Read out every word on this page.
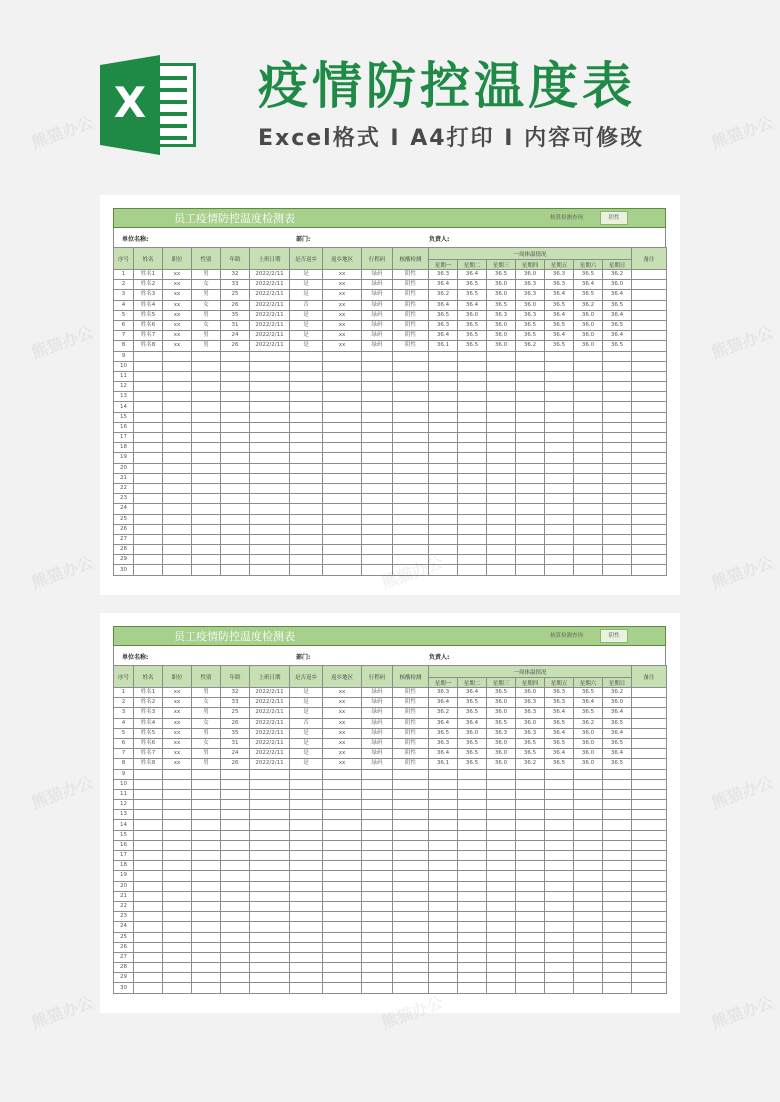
X 疫情防控温度表
Excel格式 I A4打印 I 内容可修改
员工疫情防控温度检测表	核算检测查询	阴性
单位名称:	部门:	负责人:
序号	姓名	职位	性别	年龄	上班日期	是否返乡	返乡地区	行程码	核酸检测	一周体温情况							备注
										星期一	星期二	星期三	星期四	星期五	星期六	星期日	
1	姓名1	xx	男	32	2022/2/11	是	xx	绿码	阴性	36.3	36.4	36.5	36.0	36.3	36.5	36.2	
2	姓名2	xx	女	33	2022/2/11	是	xx	绿码	阴性	36.4	36.5	36.0	36.3	36.3	36.4	36.0	
3	姓名3	xx	男	25	2022/2/11	是	xx	绿码	阴性	36.2	36.5	36.0	36.3	36.4	36.5	36.4	
4	姓名4	xx	女	26	2022/2/11	否	xx	绿码	阴性	36.4	36.4	36.5	36.0	36.5	36.2	36.5	
5	姓名5	xx	男	35	2022/2/11	是	xx	绿码	阴性	36.5	36.0	36.3	36.3	36.4	36.0	36.4	
6	姓名6	xx	女	31	2022/2/11	是	xx	绿码	阴性	36.3	36.5	36.0	36.5	36.5	36.0	36.5	
7	姓名7	xx	男	24	2022/2/11	是	xx	绿码	阴性	36.4	36.5	36.0	36.5	36.4	36.0	36.4	
8	姓名8	xx	男	26	2022/2/11	是	xx	绿码	阴性	36.1	36.5	36.0	36.2	36.5	36.0	36.5	
9																	
10																	
11																	
12																	
13																	
14																	
15																	
16																	
17																	
18																	
19																	
20																	
21																	
22																	
23																	
24																	
25																	
26																	
27																	
28																	
29																	
30																	
员工疫情防控温度检测表	核算检测查询	阴性
单位名称:	部门:	负责人:
序号	姓名	职位	性别	年龄	上班日期	是否返乡	返乡地区	行程码	核酸检测	一周体温情况							备注
										星期一	星期二	星期三	星期四	星期五	星期六	星期日	
1	姓名1	xx	男	32	2022/2/11	是	xx	绿码	阴性	36.3	36.4	36.5	36.0	36.3	36.5	36.2	
2	姓名2	xx	女	33	2022/2/11	是	xx	绿码	阴性	36.4	36.5	36.0	36.3	36.3	36.4	36.0	
3	姓名3	xx	男	25	2022/2/11	是	xx	绿码	阴性	36.2	36.5	36.0	36.3	36.4	36.5	36.4	
4	姓名4	xx	女	26	2022/2/11	否	xx	绿码	阴性	36.4	36.4	36.5	36.0	36.5	36.2	36.5	
5	姓名5	xx	男	35	2022/2/11	是	xx	绿码	阴性	36.5	36.0	36.3	36.3	36.4	36.0	36.4	
6	姓名6	xx	女	31	2022/2/11	是	xx	绿码	阴性	36.3	36.5	36.0	36.5	36.5	36.0	36.5	
7	姓名7	xx	男	24	2022/2/11	是	xx	绿码	阴性	36.4	36.5	36.0	36.5	36.4	36.0	36.4	
8	姓名8	xx	男	26	2022/2/11	是	xx	绿码	阴性	36.1	36.5	36.0	36.2	36.5	36.0	36.5	
9																	
10																	
11																	
12																	
13																	
14																	
15																	
16																	
17																	
18																	
19																	
20																	
21																	
22																	
23																	
24																	
25																	
26																	
27																	
28																	
29																	
30																	
熊猫办公	熊猫办公
熊猫办公	熊猫办公
熊猫办公	熊猫办公	熊猫办公
熊猫办公	熊猫办公
熊猫办公	熊猫办公	熊猫办公
